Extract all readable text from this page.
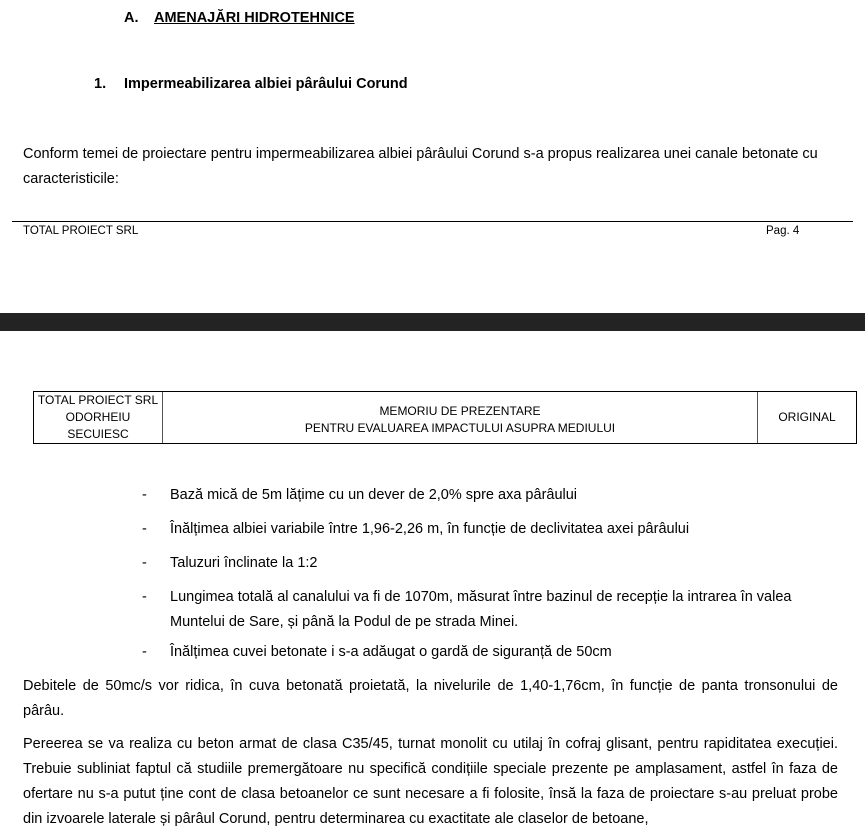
A. AMENAJĂRI HIDROTEHNICE
1. Impermeabilizarea albiei pârâului Corund
Conform temei de proiectare pentru impermeabilizarea albiei pârâului Corund s-a propus realizarea unei canale betonate cu caracteristicile:
TOTAL PROIECT SRL	Pag. 4
TOTAL PROIECT SRL
ODORHEIU SECUIESC
MEMORIU DE PREZENTARE
PENTRU EVALUAREA IMPACTULUI ASUPRA MEDIULUI
ORIGINAL
- Bază mică de 5m lățime cu un dever de 2,0% spre axa pârâului
- Înălțimea albiei variabile între 1,96-2,26 m, în funcție de declivitatea axei pârâului
- Taluzuri înclinate la 1:2
- Lungimea totală al canalului va fi de 1070m, măsurat între bazinul de recepție la intrarea în valea Muntelui de Sare, și până la Podul de pe strada Minei.
- Înălțimea cuvei betonate i s-a adăugat o gardă de siguranță de 50cm
Debitele de 50mc/s vor ridica, în cuva betonată proietată, la nivelurile de 1,40-1,76cm, în funcție de panta tronsonului de pârâu.
Pereerea se va realiza cu beton armat de clasa C35/45, turnat monolit cu utilaj în cofraj glisant, pentru rapiditatea execuției. Trebuie subliniat faptul că studiile premergătoare nu specifică condițiile speciale prezente pe amplasament, astfel în faza de ofertare nu s-a putut ține cont de clasa betoanelor ce sunt necesare a fi folosite, însă la faza de proiectare s-au preluat probe din izvoarele laterale și pârâul Corund, pentru determinarea cu exactitate ale claselor de betoane,
